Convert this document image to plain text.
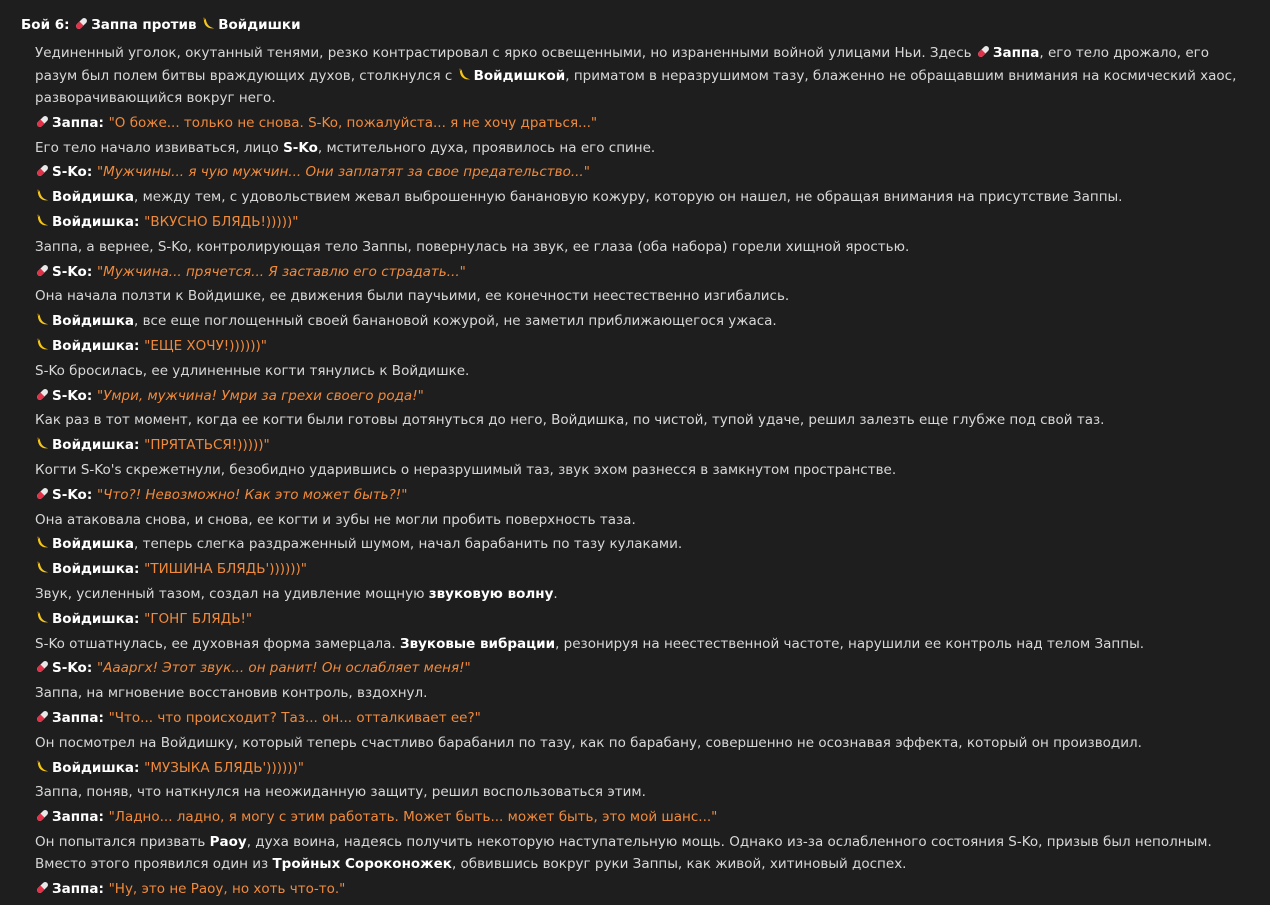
Бой 6: Заппа против Войдишки
Уединенный уголок, окутанный тенями, резко контрастировал с ярко освещенными, но израненными войной улицами Ньи. Здесь
Заппа, его тело дрожало, его разум был полем битвы враждующих духов, столкнулся с
Войдишкой, приматом в неразрушимом тазу, блаженно не обращавшим внимания на космический хаос, разворачивающийся вокруг него.
Заппа: "О боже... только не снова. S-Ko, пожалуйста... я не хочу драться..."
Его тело начало извиваться, лицо S-Ko, мстительного духа, проявилось на его спине.
S-Ko: "Мужчины... я чую мужчин... Они заплатят за свое предательство..."
Войдишка, между тем, с удовольствием жевал выброшенную банановую кожуру, которую он нашел, не обращая внимания на присутствие Заппы.
Войдишка: "ВКУСНО БЛЯДЬ!)))))"
Заппа, а вернее, S-Ko, контролирующая тело Заппы, повернулась на звук, ее глаза (оба набора) горели хищной яростью.
S-Ko: "Мужчина... прячется... Я заставлю его страдать..."
Она начала ползти к Войдишке, ее движения были паучьими, ее конечности неестественно изгибались.
Войдишка, все еще поглощенный своей банановой кожурой, не заметил приближающегося ужаса.
Войдишка: "ЕЩЕ ХОЧУ!))))))"
S-Ko бросилась, ее удлиненные когти тянулись к Войдишке.
S-Ko: "Умри, мужчина! Умри за грехи своего рода!"
Как раз в тот момент, когда ее когти были готовы дотянуться до него, Войдишка, по чистой, тупой удаче, решил залезть еще глубже под свой таз.
Войдишка: "ПРЯТАТЬСЯ!)))))"
Когти S-Ko's скрежетнули, безобидно ударившись о неразрушимый таз, звук эхом разнесся в замкнутом пространстве.
S-Ko: "Что?! Невозможно! Как это может быть?!"
Она атаковала снова, и снова, ее когти и зубы не могли пробить поверхность таза.
Войдишка, теперь слегка раздраженный шумом, начал барабанить по тазу кулаками.
Войдишка: "ТИШИНА БЛЯДЬ'))))))"
Звук, усиленный тазом, создал на удивление мощную звуковую волну.
Войдишка: "ГОНГ БЛЯДЬ!"
S-Ko отшатнулась, ее духовная форма замерцала. Звуковые вибрации, резонируя на неестественной частоте, нарушили ее контроль над телом Заппы.
S-Ko: "Аааргх! Этот звук... он ранит! Он ослабляет меня!"
Заппа, на мгновение восстановив контроль, вздохнул.
Заппа: "Что... что происходит? Таз... он... отталкивает ее?"
Он посмотрел на Войдишку, который теперь счастливо барабанил по тазу, как по барабану, совершенно не осознавая эффекта, который он производил.
Войдишка: "МУЗЫКА БЛЯДЬ'))))))"
Заппа, поняв, что наткнулся на неожиданную защиту, решил воспользоваться этим.
Заппа: "Ладно... ладно, я могу с этим работать. Может быть... может быть, это мой шанс..."
Он попытался призвать Раоу, духа воина, надеясь получить некоторую наступательную мощь. Однако из-за ослабленного состояния S-Ko, призыв был неполным. Вместо этого проявился один из Тройных Сороконожек, обвившись вокруг руки Заппы, как живой, хитиновый доспех.
Заппа: "Ну, это не Раоу, но хоть что-то."
